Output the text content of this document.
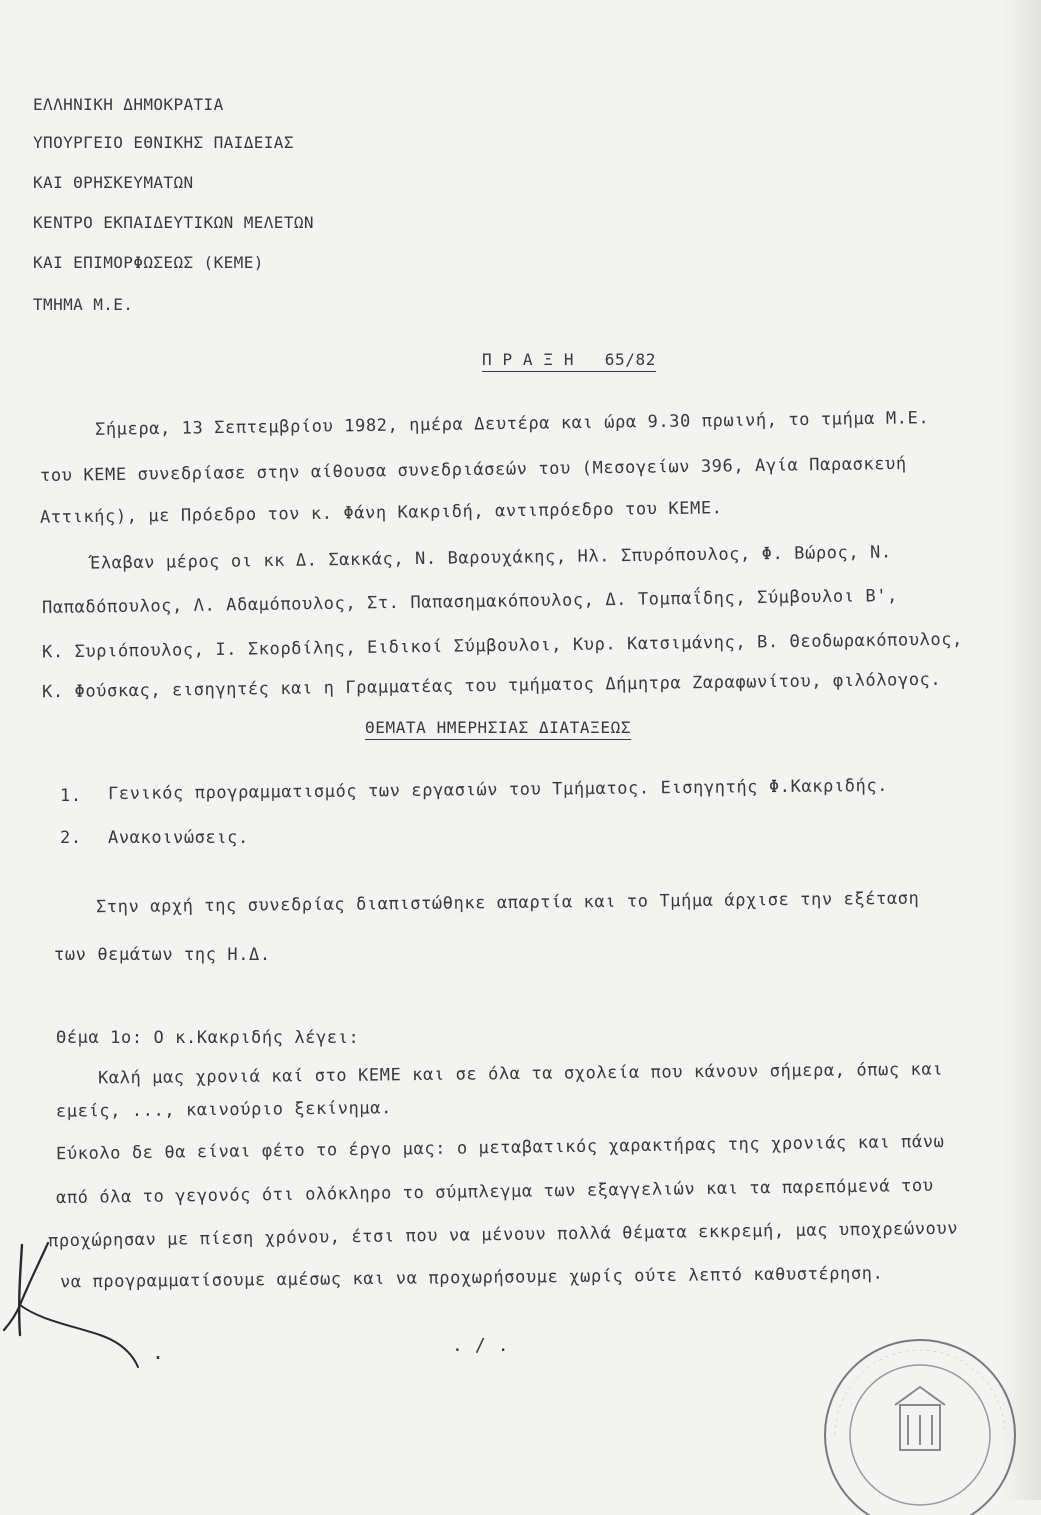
ΕΛΛΗΝΙΚΗ ΔΗΜΟΚΡΑΤΙΑ
ΥΠΟΥΡΓΕΙΟ ΕΘΝΙΚΗΣ ΠΑΙΔΕΙΑΣ
ΚΑΙ ΘΡΗΣΚΕΥΜΑΤΩΝ
ΚΕΝΤΡΟ ΕΚΠΑΙΔΕΥΤΙΚΩΝ ΜΕΛΕΤΩΝ
ΚΑΙ ΕΠΙΜΟΡΦΩΣΕΩΣ (ΚΕΜΕ)
ΤΜΗΜΑ Μ.Ε.
Π Ρ Α Ξ Η   65/82
Σήμερα, 13 Σεπτεμβρίου 1982, ημέρα Δευτέρα και ώρα 9.30 πρωινή, το τμήμα Μ.Ε.
του ΚΕΜΕ συνεδρίασε στην αίθουσα συνεδριάσεών του (Μεσογείων 396, Αγία Παρασκευή
Αττικής), με Πρόεδρο τον κ. Φάνη Κακριδή, αντιπρόεδρο του ΚΕΜΕ.
Έλαβαν μέρος οι κκ Δ. Σακκάς, Ν. Βαρουχάκης, Ηλ. Σπυρόπουλος, Φ. Βώρος, Ν.
Παπαδόπουλος, Λ. Αδαμόπουλος, Στ. Παπασημακόπουλος, Δ. Τομπαΐδης, Σύμβουλοι Β',
Κ. Συριόπουλος, Ι. Σκορδίλης, Ειδικοί Σύμβουλοι, Κυρ. Κατσιμάνης, Β. Θεοδωρακόπουλος,
Κ. Φούσκας, εισηγητές και η Γραμματέας του τμήματος Δήμητρα Ζαραφωνίτου, φιλόλογος.
ΘΕΜΑΤΑ ΗΜΕΡΗΣΙΑΣ ΔΙΑΤΑΞΕΩΣ
1. Γενικός προγραμματισμός των εργασιών του Τμήματος. Εισηγητής Φ.Κακριδής.
2. Ανακοινώσεις.
Στην αρχή της συνεδρίας διαπιστώθηκε απαρτία και το Τμήμα άρχισε την εξέταση
των θεμάτων της Η.Δ.
Θέμα 1ο: Ο κ.Κακριδής λέγει:
Καλή μας χρονιά καί στο ΚΕΜΕ και σε όλα τα σχολεία που κάνουν σήμερα, όπως και
εμείς, ..., καινούριο ξεκίνημα.
Εύκολο δε θα είναι φέτο το έργο μας: ο μεταβατικός χαρακτήρας της χρονιάς και πάνω
από όλα το γεγονός ότι ολόκληρο το σύμπλεγμα των εξαγγελιών και τα παρεπόμενά του
προχώρησαν με πίεση χρόνου, έτσι που να μένουν πολλά θέματα εκκρεμή, μας υποχρεώνουν
να προγραμματίσουμε αμέσως και να προχωρήσουμε χωρίς ούτε λεπτό καθυστέρηση.
.	. / .
